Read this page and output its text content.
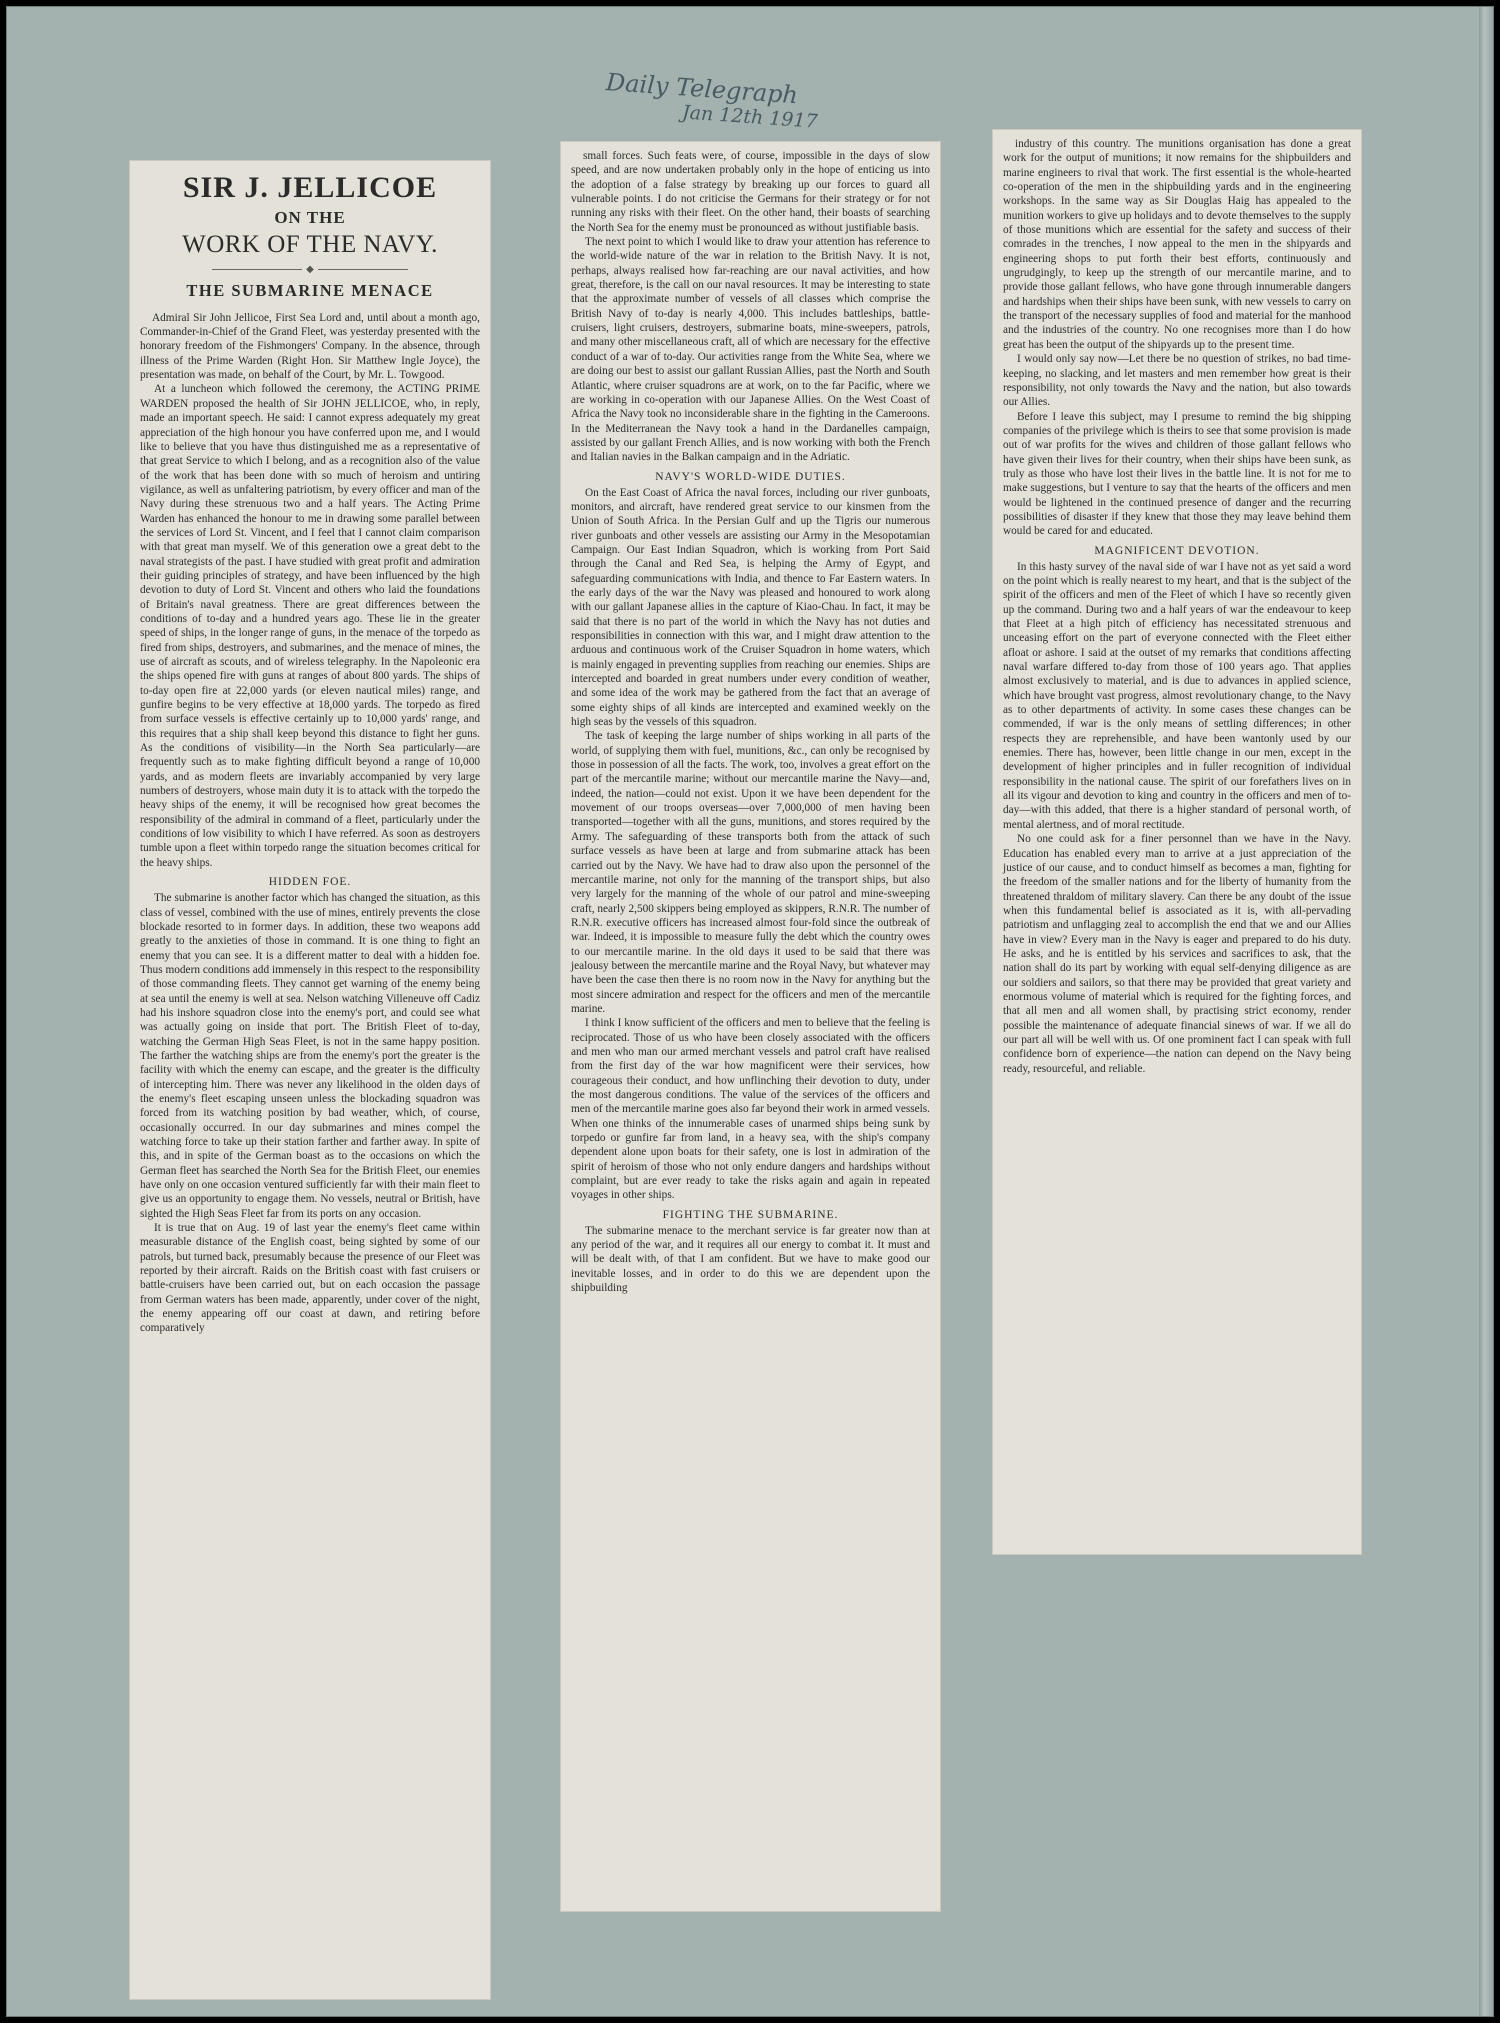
Daily Telegraph
Jan 12th 1917
SIR J. JELLICOE
ON THE
WORK OF THE NAVY.
◆
THE SUBMARINE MENACE

Admiral Sir John Jellicoe, First Sea Lord and, until about a month ago, Commander-in-Chief of the Grand Fleet, was yesterday presented with the honorary freedom of the Fishmongers' Company. In the absence, through illness of the Prime Warden (Right Hon. Sir Matthew Ingle Joyce), the presentation was made, on behalf of the Court, by Mr. L. Towgood.

At a luncheon which followed the ceremony, the ACTING PRIME WARDEN proposed the health of Sir JOHN JELLICOE, who, in reply, made an important speech. He said: I cannot express adequately my great appreciation of the high honour you have conferred upon me, and I would like to believe that you have thus distinguished me as a representative of that great Service to which I belong, and as a recognition also of the value of the work that has been done with so much of heroism and untiring vigilance, as well as unfaltering patriotism, by every officer and man of the Navy during these strenuous two and a half years. The Acting Prime Warden has enhanced the honour to me in drawing some parallel between the services of Lord St. Vincent, and I feel that I cannot claim comparison with that great man myself. We of this generation owe a great debt to the naval strategists of the past. I have studied with great profit and admiration their guiding principles of strategy, and have been influenced by the high devotion to duty of Lord St. Vincent and others who laid the foundations of Britain's naval greatness. There are great differences between the conditions of to-day and a hundred years ago. These lie in the greater speed of ships, in the longer range of guns, in the menace of the torpedo as fired from ships, destroyers, and submarines, and the menace of mines, the use of aircraft as scouts, and of wireless telegraphy. In the Napoleonic era the ships opened fire with guns at ranges of about 800 yards. The ships of to-day open fire at 22,000 yards (or eleven nautical miles) range, and gunfire begins to be very effective at 18,000 yards. The torpedo as fired from surface vessels is effective certainly up to 10,000 yards' range, and this requires that a ship shall keep beyond this distance to fight her guns. As the conditions of visibility—in the North Sea particularly—are frequently such as to make fighting difficult beyond a range of 10,000 yards, and as modern fleets are invariably accompanied by very large numbers of destroyers, whose main duty it is to attack with the torpedo the heavy ships of the enemy, it will be recognised how great becomes the responsibility of the admiral in command of a fleet, particularly under the conditions of low visibility to which I have referred. As soon as destroyers tumble upon a fleet within torpedo range the situation becomes critical for the heavy ships.

HIDDEN FOE.

The submarine is another factor which has changed the situation, as this class of vessel, combined with the use of mines, entirely prevents the close blockade resorted to in former days. In addition, these two weapons add greatly to the anxieties of those in command. It is one thing to fight an enemy that you can see. It is a different matter to deal with a hidden foe. Thus modern conditions add immensely in this respect to the responsibility of those commanding fleets. They cannot get warning of the enemy being at sea until the enemy is well at sea. Nelson watching Villeneuve off Cadiz had his inshore squadron close into the enemy's port, and could see what was actually going on inside that port. The British Fleet of to-day, watching the German High Seas Fleet, is not in the same happy position. The farther the watching ships are from the enemy's port the greater is the facility with which the enemy can escape, and the greater is the difficulty of intercepting him. There was never any likelihood in the olden days of the enemy's fleet escaping unseen unless the blockading squadron was forced from its watching position by bad weather, which, of course, occasionally occurred. In our day submarines and mines compel the watching force to take up their station farther and farther away. In spite of this, and in spite of the German boast as to the occasions on which the German fleet has searched the North Sea for the British Fleet, our enemies have only on one occasion ventured sufficiently far with their main fleet to give us an opportunity to engage them. No vessels, neutral or British, have sighted the High Seas Fleet far from its ports on any occasion.

It is true that on Aug. 19 of last year the enemy's fleet came within measurable distance of the English coast, being sighted by some of our patrols, but turned back, presumably because the presence of our Fleet was reported by their aircraft. Raids on the British coast with fast cruisers or battle-cruisers have been carried out, but on each occasion the passage from German waters has been made, apparently, under cover of the night, the enemy appearing off our coast at dawn, and retiring before comparatively

small forces. Such feats were, of course, impossible in the days of slow speed, and are now undertaken probably only in the hope of enticing us into the adoption of a false strategy by breaking up our forces to guard all vulnerable points. I do not criticise the Germans for their strategy or for not running any risks with their fleet. On the other hand, their boasts of searching the North Sea for the enemy must be pronounced as without justifiable basis.

The next point to which I would like to draw your attention has reference to the world-wide nature of the war in relation to the British Navy. It is not, perhaps, always realised how far-reaching are our naval activities, and how great, therefore, is the call on our naval resources. It may be interesting to state that the approximate number of vessels of all classes which comprise the British Navy of to-day is nearly 4,000. This includes battleships, battle-cruisers, light cruisers, destroyers, submarine boats, mine-sweepers, patrols, and many other miscellaneous craft, all of which are necessary for the effective conduct of a war of to-day. Our activities range from the White Sea, where we are doing our best to assist our gallant Russian Allies, past the North and South Atlantic, where cruiser squadrons are at work, on to the far Pacific, where we are working in co-operation with our Japanese Allies. On the West Coast of Africa the Navy took no inconsiderable share in the fighting in the Cameroons. In the Mediterranean the Navy took a hand in the Dardanelles campaign, assisted by our gallant French Allies, and is now working with both the French and Italian navies in the Balkan campaign and in the Adriatic.

NAVY'S WORLD-WIDE DUTIES.

On the East Coast of Africa the naval forces, including our river gunboats, monitors, and aircraft, have rendered great service to our kinsmen from the Union of South Africa. In the Persian Gulf and up the Tigris our numerous river gunboats and other vessels are assisting our Army in the Mesopotamian Campaign. Our East Indian Squadron, which is working from Port Said through the Canal and Red Sea, is helping the Army of Egypt, and safeguarding communications with India, and thence to Far Eastern waters. In the early days of the war the Navy was pleased and honoured to work along with our gallant Japanese allies in the capture of Kiao-Chau. In fact, it may be said that there is no part of the world in which the Navy has not duties and responsibilities in connection with this war, and I might draw attention to the arduous and continuous work of the Cruiser Squadron in home waters, which is mainly engaged in preventing supplies from reaching our enemies. Ships are intercepted and boarded in great numbers under every condition of weather, and some idea of the work may be gathered from the fact that an average of some eighty ships of all kinds are intercepted and examined weekly on the high seas by the vessels of this squadron.

The task of keeping the large number of ships working in all parts of the world, of supplying them with fuel, munitions, &c., can only be recognised by those in possession of all the facts. The work, too, involves a great effort on the part of the mercantile marine; without our mercantile marine the Navy—and, indeed, the nation—could not exist. Upon it we have been dependent for the movement of our troops overseas—over 7,000,000 of men having been transported—together with all the guns, munitions, and stores required by the Army. The safeguarding of these transports both from the attack of such surface vessels as have been at large and from submarine attack has been carried out by the Navy. We have had to draw also upon the personnel of the mercantile marine, not only for the manning of the transport ships, but also very largely for the manning of the whole of our patrol and mine-sweeping craft, nearly 2,500 skippers being employed as skippers, R.N.R. The number of R.N.R. executive officers has increased almost four-fold since the outbreak of war. Indeed, it is impossible to measure fully the debt which the country owes to our mercantile marine. In the old days it used to be said that there was jealousy between the mercantile marine and the Royal Navy, but whatever may have been the case then there is no room now in the Navy for anything but the most sincere admiration and respect for the officers and men of the mercantile marine.

I think I know sufficient of the officers and men to believe that the feeling is reciprocated. Those of us who have been closely associated with the officers and men who man our armed merchant vessels and patrol craft have realised from the first day of the war how magnificent were their services, how courageous their conduct, and how unflinching their devotion to duty, under the most dangerous conditions. The value of the services of the officers and men of the mercantile marine goes also far beyond their work in armed vessels. When one thinks of the innumerable cases of unarmed ships being sunk by torpedo or gunfire far from land, in a heavy sea, with the ship's company dependent alone upon boats for their safety, one is lost in admiration of the spirit of heroism of those who not only endure dangers and hardships without complaint, but are ever ready to take the risks again and again in repeated voyages in other ships.

FIGHTING THE SUBMARINE.

The submarine menace to the merchant service is far greater now than at any period of the war, and it requires all our energy to combat it. It must and will be dealt with, of that I am confident. But we have to make good our inevitable losses, and in order to do this we are dependent upon the shipbuilding

industry of this country. The munitions organisation has done a great work for the output of munitions; it now remains for the shipbuilders and marine engineers to rival that work. The first essential is the whole-hearted co-operation of the men in the shipbuilding yards and in the engineering workshops. In the same way as Sir Douglas Haig has appealed to the munition workers to give up holidays and to devote themselves to the supply of those munitions which are essential for the safety and success of their comrades in the trenches, I now appeal to the men in the shipyards and engineering shops to put forth their best efforts, continuously and ungrudgingly, to keep up the strength of our mercantile marine, and to provide those gallant fellows, who have gone through innumerable dangers and hardships when their ships have been sunk, with new vessels to carry on the transport of the necessary supplies of food and material for the manhood and the industries of the country. No one recognises more than I do how great has been the output of the shipyards up to the present time.

I would only say now—Let there be no question of strikes, no bad time-keeping, no slacking, and let masters and men remember how great is their responsibility, not only towards the Navy and the nation, but also towards our Allies.

Before I leave this subject, may I presume to remind the big shipping companies of the privilege which is theirs to see that some provision is made out of war profits for the wives and children of those gallant fellows who have given their lives for their country, when their ships have been sunk, as truly as those who have lost their lives in the battle line. It is not for me to make suggestions, but I venture to say that the hearts of the officers and men would be lightened in the continued presence of danger and the recurring possibilities of disaster if they knew that those they may leave behind them would be cared for and educated.

MAGNIFICENT DEVOTION.

In this hasty survey of the naval side of war I have not as yet said a word on the point which is really nearest to my heart, and that is the subject of the spirit of the officers and men of the Fleet of which I have so recently given up the command. During two and a half years of war the endeavour to keep that Fleet at a high pitch of efficiency has necessitated strenuous and unceasing effort on the part of everyone connected with the Fleet either afloat or ashore. I said at the outset of my remarks that conditions affecting naval warfare differed to-day from those of 100 years ago. That applies almost exclusively to material, and is due to advances in applied science, which have brought vast progress, almost revolutionary change, to the Navy as to other departments of activity. In some cases these changes can be commended, if war is the only means of settling differences; in other respects they are reprehensible, and have been wantonly used by our enemies. There has, however, been little change in our men, except in the development of higher principles and in fuller recognition of individual responsibility in the national cause. The spirit of our forefathers lives on in all its vigour and devotion to king and country in the officers and men of to-day—with this added, that there is a higher standard of personal worth, of mental alertness, and of moral rectitude.

No one could ask for a finer personnel than we have in the Navy. Education has enabled every man to arrive at a just appreciation of the justice of our cause, and to conduct himself as becomes a man, fighting for the freedom of the smaller nations and for the liberty of humanity from the threatened thraldom of military slavery. Can there be any doubt of the issue when this fundamental belief is associated as it is, with all-pervading patriotism and unflagging zeal to accomplish the end that we and our Allies have in view? Every man in the Navy is eager and prepared to do his duty. He asks, and he is entitled by his services and sacrifices to ask, that the nation shall do its part by working with equal self-denying diligence as are our soldiers and sailors, so that there may be provided that great variety and enormous volume of material which is required for the fighting forces, and that all men and all women shall, by practising strict economy, render possible the maintenance of adequate financial sinews of war. If we all do our part all will be well with us. Of one prominent fact I can speak with full confidence born of experience—the nation can depend on the Navy being ready, resourceful, and reliable.
